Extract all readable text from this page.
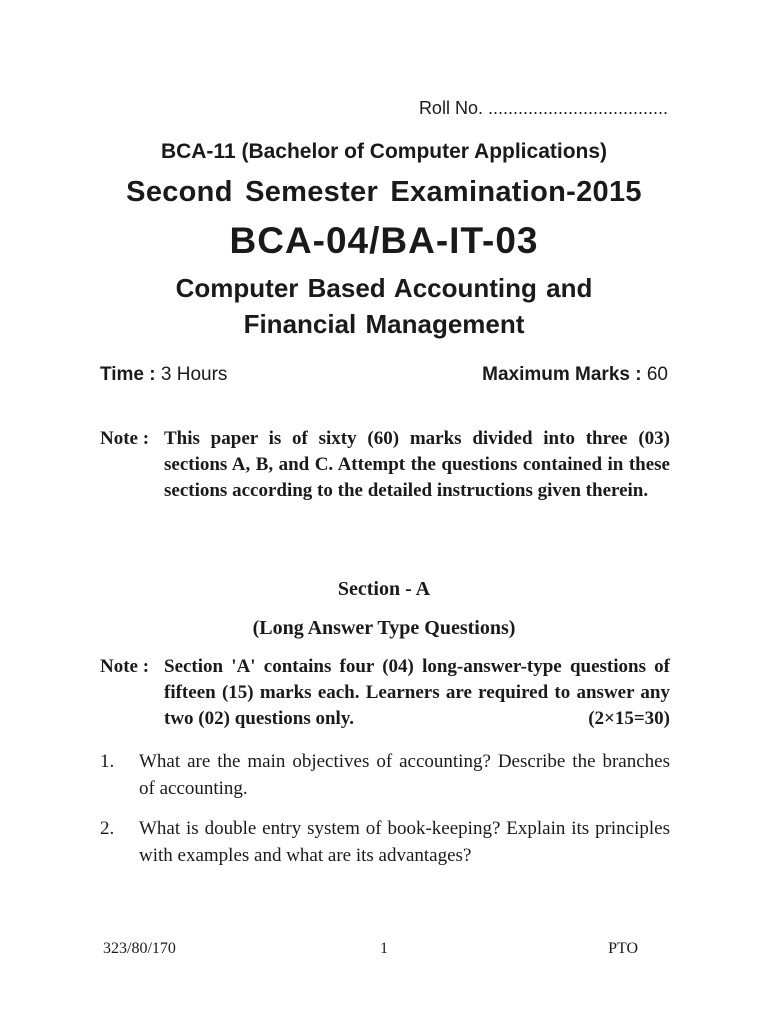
Roll No. ....................................
BCA-11 (Bachelor of Computer Applications)
Second Semester Examination-2015
BCA-04/BA-IT-03
Computer Based Accounting and
Financial Management
Time : 3 Hours	Maximum Marks : 60
Note : This paper is of sixty (60) marks divided into three (03) sections A, B, and C. Attempt the questions contained in these sections according to the detailed instructions given therein.
Section - A
(Long Answer Type Questions)
Note : Section 'A' contains four (04) long-answer-type questions of fifteen (15) marks each. Learners are required to answer any two (02) questions only.	(2×15=30)
1. What are the main objectives of accounting? Describe the branches of accounting.
2. What is double entry system of book-keeping? Explain its principles with examples and what are its advantages?
323/80/170	1	PTO
